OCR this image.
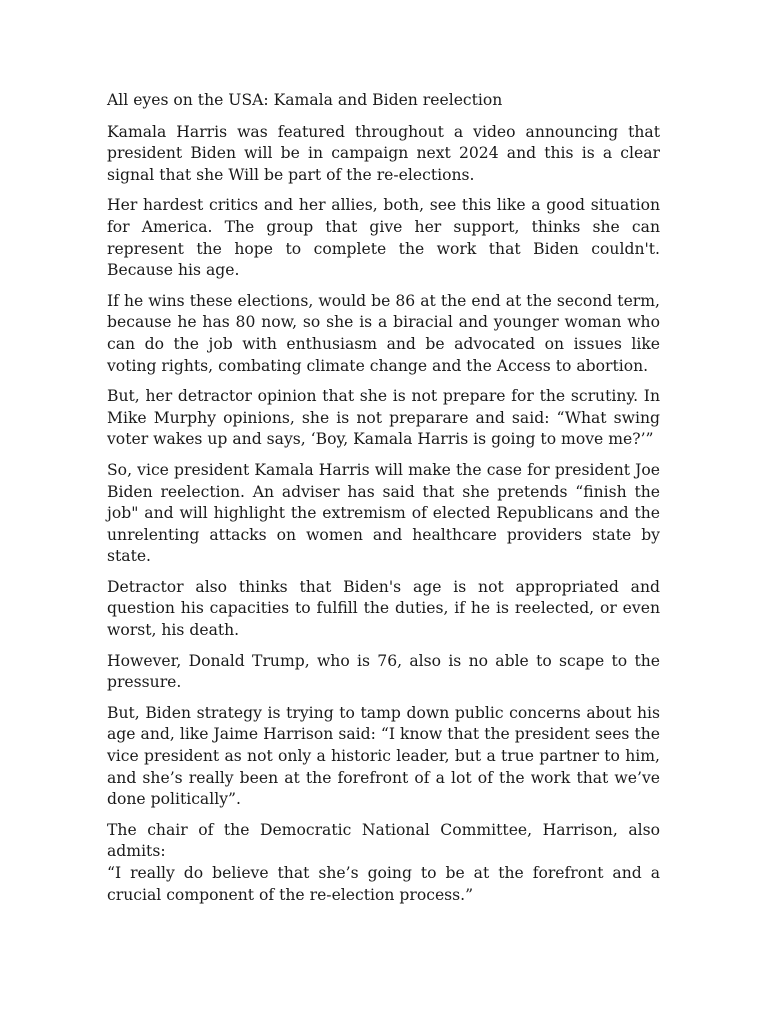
All eyes on the USA: Kamala and Biden reelection

Kamala Harris was featured throughout a video announcing that president Biden will be in campaign next 2024 and this is a clear signal that she Will be part of the re-elections.

Her hardest critics and her allies, both, see this like a good situation for America. The group that give her support, thinks she can represent the hope to complete the work that Biden couldn't. Because his age.

If he wins these elections, would be 86 at the end at the second term, because he has 80 now, so she is a biracial and younger woman who can do the job with enthusiasm and be advocated on issues like voting rights, combating climate change and the Access to abortion.

But, her detractor opinion that she is not prepare for the scrutiny. In Mike Murphy opinions, she is not preparare and said: “What swing voter wakes up and says, ‘Boy, Kamala Harris is going to move me?’”

So, vice president Kamala Harris will make the case for president Joe Biden reelection. An adviser has said that she pretends “finish the job" and will highlight the extremism of elected Republicans and the unrelenting attacks on women and healthcare providers state by state.

Detractor also thinks that Biden's age is not appropriated and question his capacities to fulfill the duties, if he is reelected, or even worst, his death.

However, Donald Trump, who is 76, also is no able to scape to the pressure.

But, Biden strategy is trying to tamp down public concerns about his age and, like Jaime Harrison said: “I know that the president sees the vice president as not only a historic leader, but a true partner to him, and she’s really been at the forefront of a lot of the work that we’ve done politically”.

The chair of the Democratic National Committee, Harrison, also admits:
“I really do believe that she’s going to be at the forefront and a crucial component of the re-election process.”
